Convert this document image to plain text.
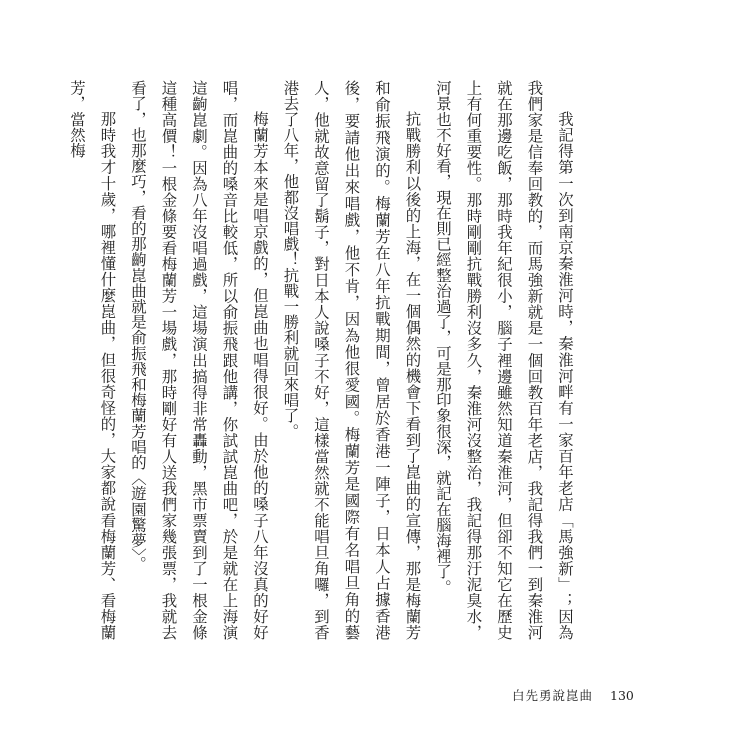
我記得第一次到南京秦淮河時，秦淮河畔有一家百年老店「馬強新」；因為我們家是信奉回教的，而馬強新就是一個回教百年老店，我記得我們一到秦淮河就在那邊吃飯，那時我年紀很小，腦子裡邊雖然知道秦淮河，但卻不知它在歷史上有何重要性。那時剛剛抗戰勝利沒多久，秦淮河沒整治，我記得那汙泥臭水，河景也不好看，現在則已經整治過了，可是那印象很深，就記在腦海裡了。

抗戰勝利以後的上海，在一個偶然的機會下看到了崑曲的宣傳，那是梅蘭芳和俞振飛演的。梅蘭芳在八年抗戰期間，曾居於香港一陣子，日本人占據香港後，要請他出來唱戲，他不肯，因為他很愛國。梅蘭芳是國際有名唱旦角的藝人，他就故意留了鬍子，對日本人說嗓子不好，這樣當然就不能唱旦角囉，到香港去了八年，他都沒唱戲！抗戰一勝利就回來唱了。

梅蘭芳本來是唱京戲的，但崑曲也唱得很好。由於他的嗓子八年沒真的好好唱，而崑曲的嗓音比較低，所以俞振飛跟他講，你試試崑曲吧，於是就在上海演這齣崑劇。因為八年沒唱過戲，這場演出搞得非常轟動，黑市票賣到了一根金條這種高價！一根金條要看梅蘭芳一場戲，那時剛好有人送我們家幾張票，我就去看了，也那麼巧，看的那齣崑曲就是俞振飛和梅蘭芳唱的〈遊園驚夢〉。

那時我才十歲，哪裡懂什麼崑曲，但很奇怪的，大家都說看梅蘭芳、看梅蘭芳，當然梅

白先勇說崑曲 130
